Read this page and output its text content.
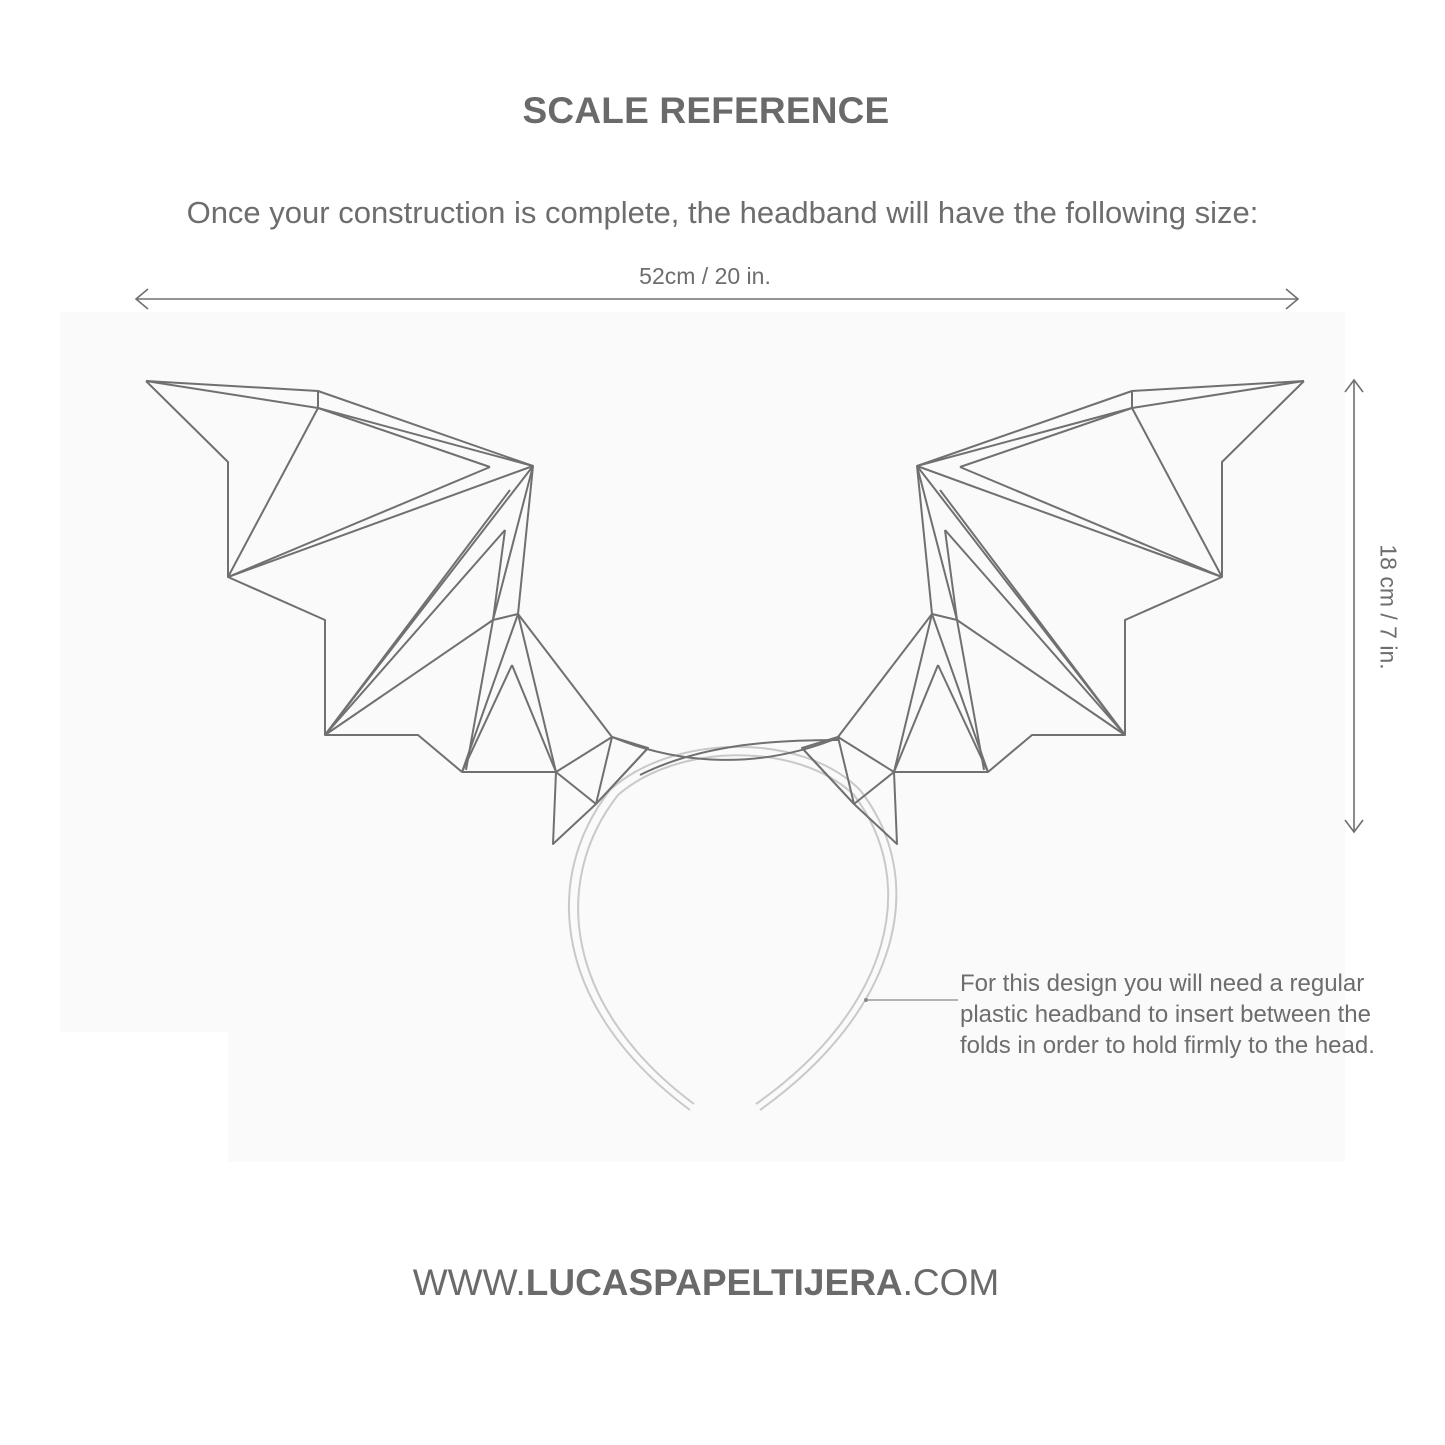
SCALE REFERENCE
Once your construction is complete, the headband will have the following size:
52cm / 20 in.
18 cm / 7 in.
For this design you will need a regular
plastic headband to insert between the
folds in order to hold firmly to the head.
WWW.LUCASPAPELTIJERA.COM
